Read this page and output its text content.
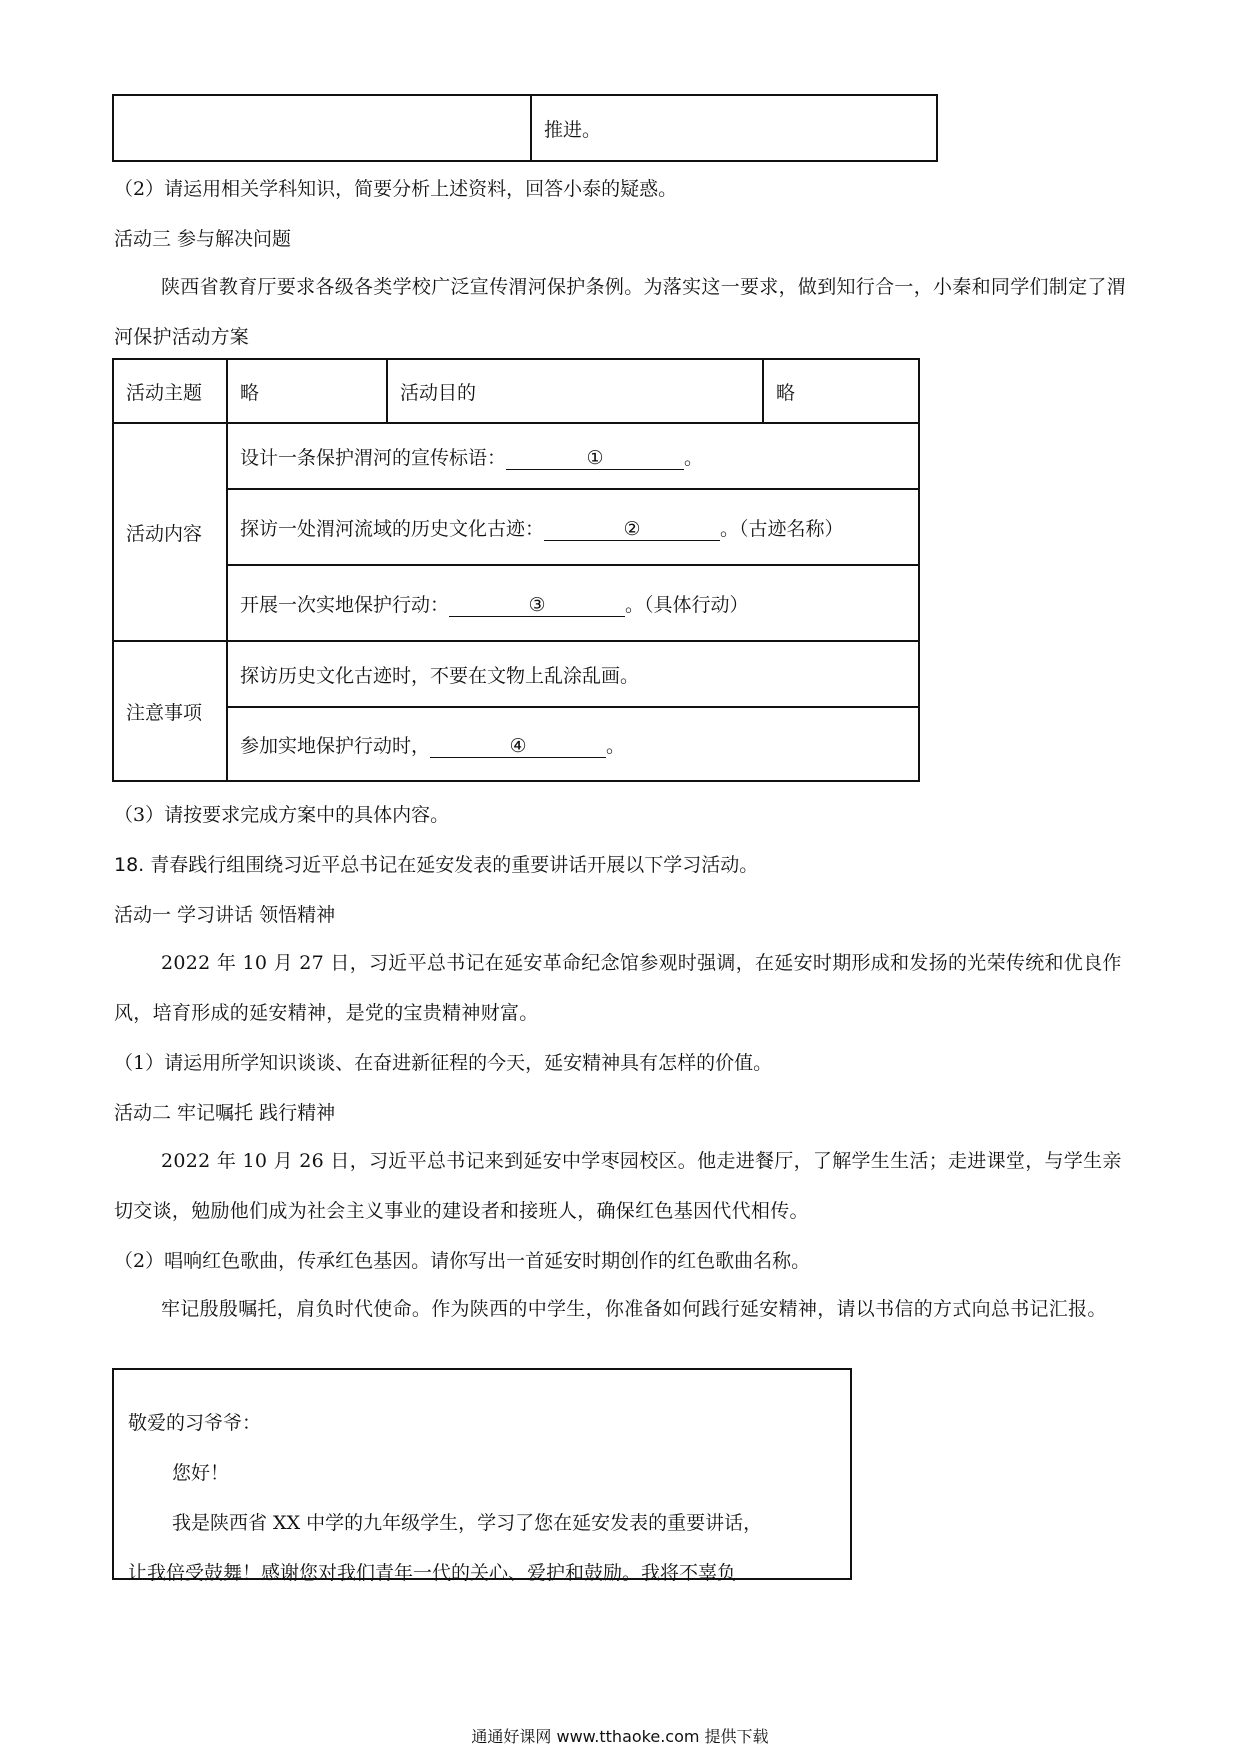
	推进。
（2）请运用相关学科知识，简要分析上述资料，回答小泰的疑惑。
活动三 参与解决问题
陕西省教育厅要求各级各类学校广泛宣传渭河保护条例。为落实这一要求，做到知行合一，小秦和同学们制定了渭河保护活动方案
活动主题	略	活动目的	略
活动内容	设计一条保护渭河的宣传标语： ① 。		
	探访一处渭河流域的历史文化古迹： ② 。（古迹名称）		
	开展一次实地保护行动： ③ 。（具体行动）		
注意事项	探访历史文化古迹时，不要在文物上乱涂乱画。		
	参加实地保护行动时， ④ 。		
（3）请按要求完成方案中的具体内容。
18. 青春践行组围绕习近平总书记在延安发表的重要讲话开展以下学习活动。
活动一 学习讲话 领悟精神
2022 年 10 月 27 日，习近平总书记在延安革命纪念馆参观时强调，在延安时期形成和发扬的光荣传统和优良作风，培育形成的延安精神，是党的宝贵精神财富。
（1）请运用所学知识谈谈、在奋进新征程的今天，延安精神具有怎样的价值。
活动二 牢记嘱托 践行精神
2022 年 10 月 26 日，习近平总书记来到延安中学枣园校区。他走进餐厅，了解学生生活；走进课堂，与学生亲切交谈，勉励他们成为社会主义事业的建设者和接班人，确保红色基因代代相传。
（2）唱响红色歌曲，传承红色基因。请你写出一首延安时期创作的红色歌曲名称。
牢记殷殷嘱托，肩负时代使命。作为陕西的中学生，你准备如何践行延安精神，请以书信的方式向总书记汇报。
敬爱的习爷爷：
您好！
我是陕西省 XX 中学的九年级学生，学习了您在延安发表的重要讲话，
让我倍受鼓舞！感谢您对我们青年一代的关心、爱护和鼓励。我将不辜负
通通好课网 www.tthaoke.com 提供下载
